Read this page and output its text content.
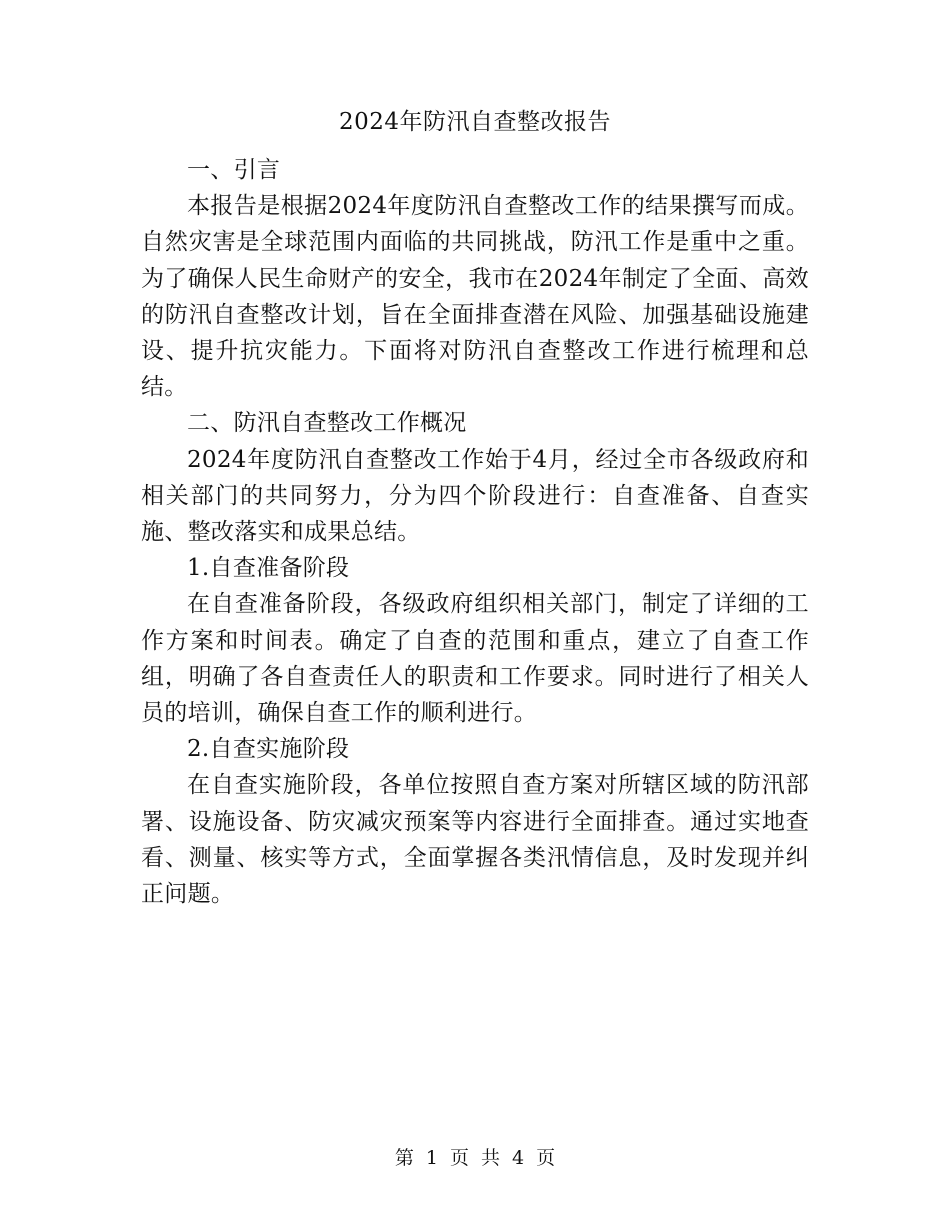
2024年防汛自查整改报告

一、引言

本报告是根据2024年度防汛自查整改工作的结果撰写而成。自然灾害是全球范围内面临的共同挑战，防汛工作是重中之重。为了确保人民生命财产的安全，我市在2024年制定了全面、高效的防汛自查整改计划，旨在全面排查潜在风险、加强基础设施建设、提升抗灾能力。下面将对防汛自查整改工作进行梳理和总结。

二、防汛自查整改工作概况

2024年度防汛自查整改工作始于4月，经过全市各级政府和相关部门的共同努力，分为四个阶段进行：自查准备、自查实施、整改落实和成果总结。

1.自查准备阶段

在自查准备阶段，各级政府组织相关部门，制定了详细的工作方案和时间表。确定了自查的范围和重点，建立了自查工作组，明确了各自查责任人的职责和工作要求。同时进行了相关人员的培训，确保自查工作的顺利进行。

2.自查实施阶段

在自查实施阶段，各单位按照自查方案对所辖区域的防汛部署、设施设备、防灾减灾预案等内容进行全面排查。通过实地查看、测量、核实等方式，全面掌握各类汛情信息，及时发现并纠正问题。

第 1 页 共 4 页
